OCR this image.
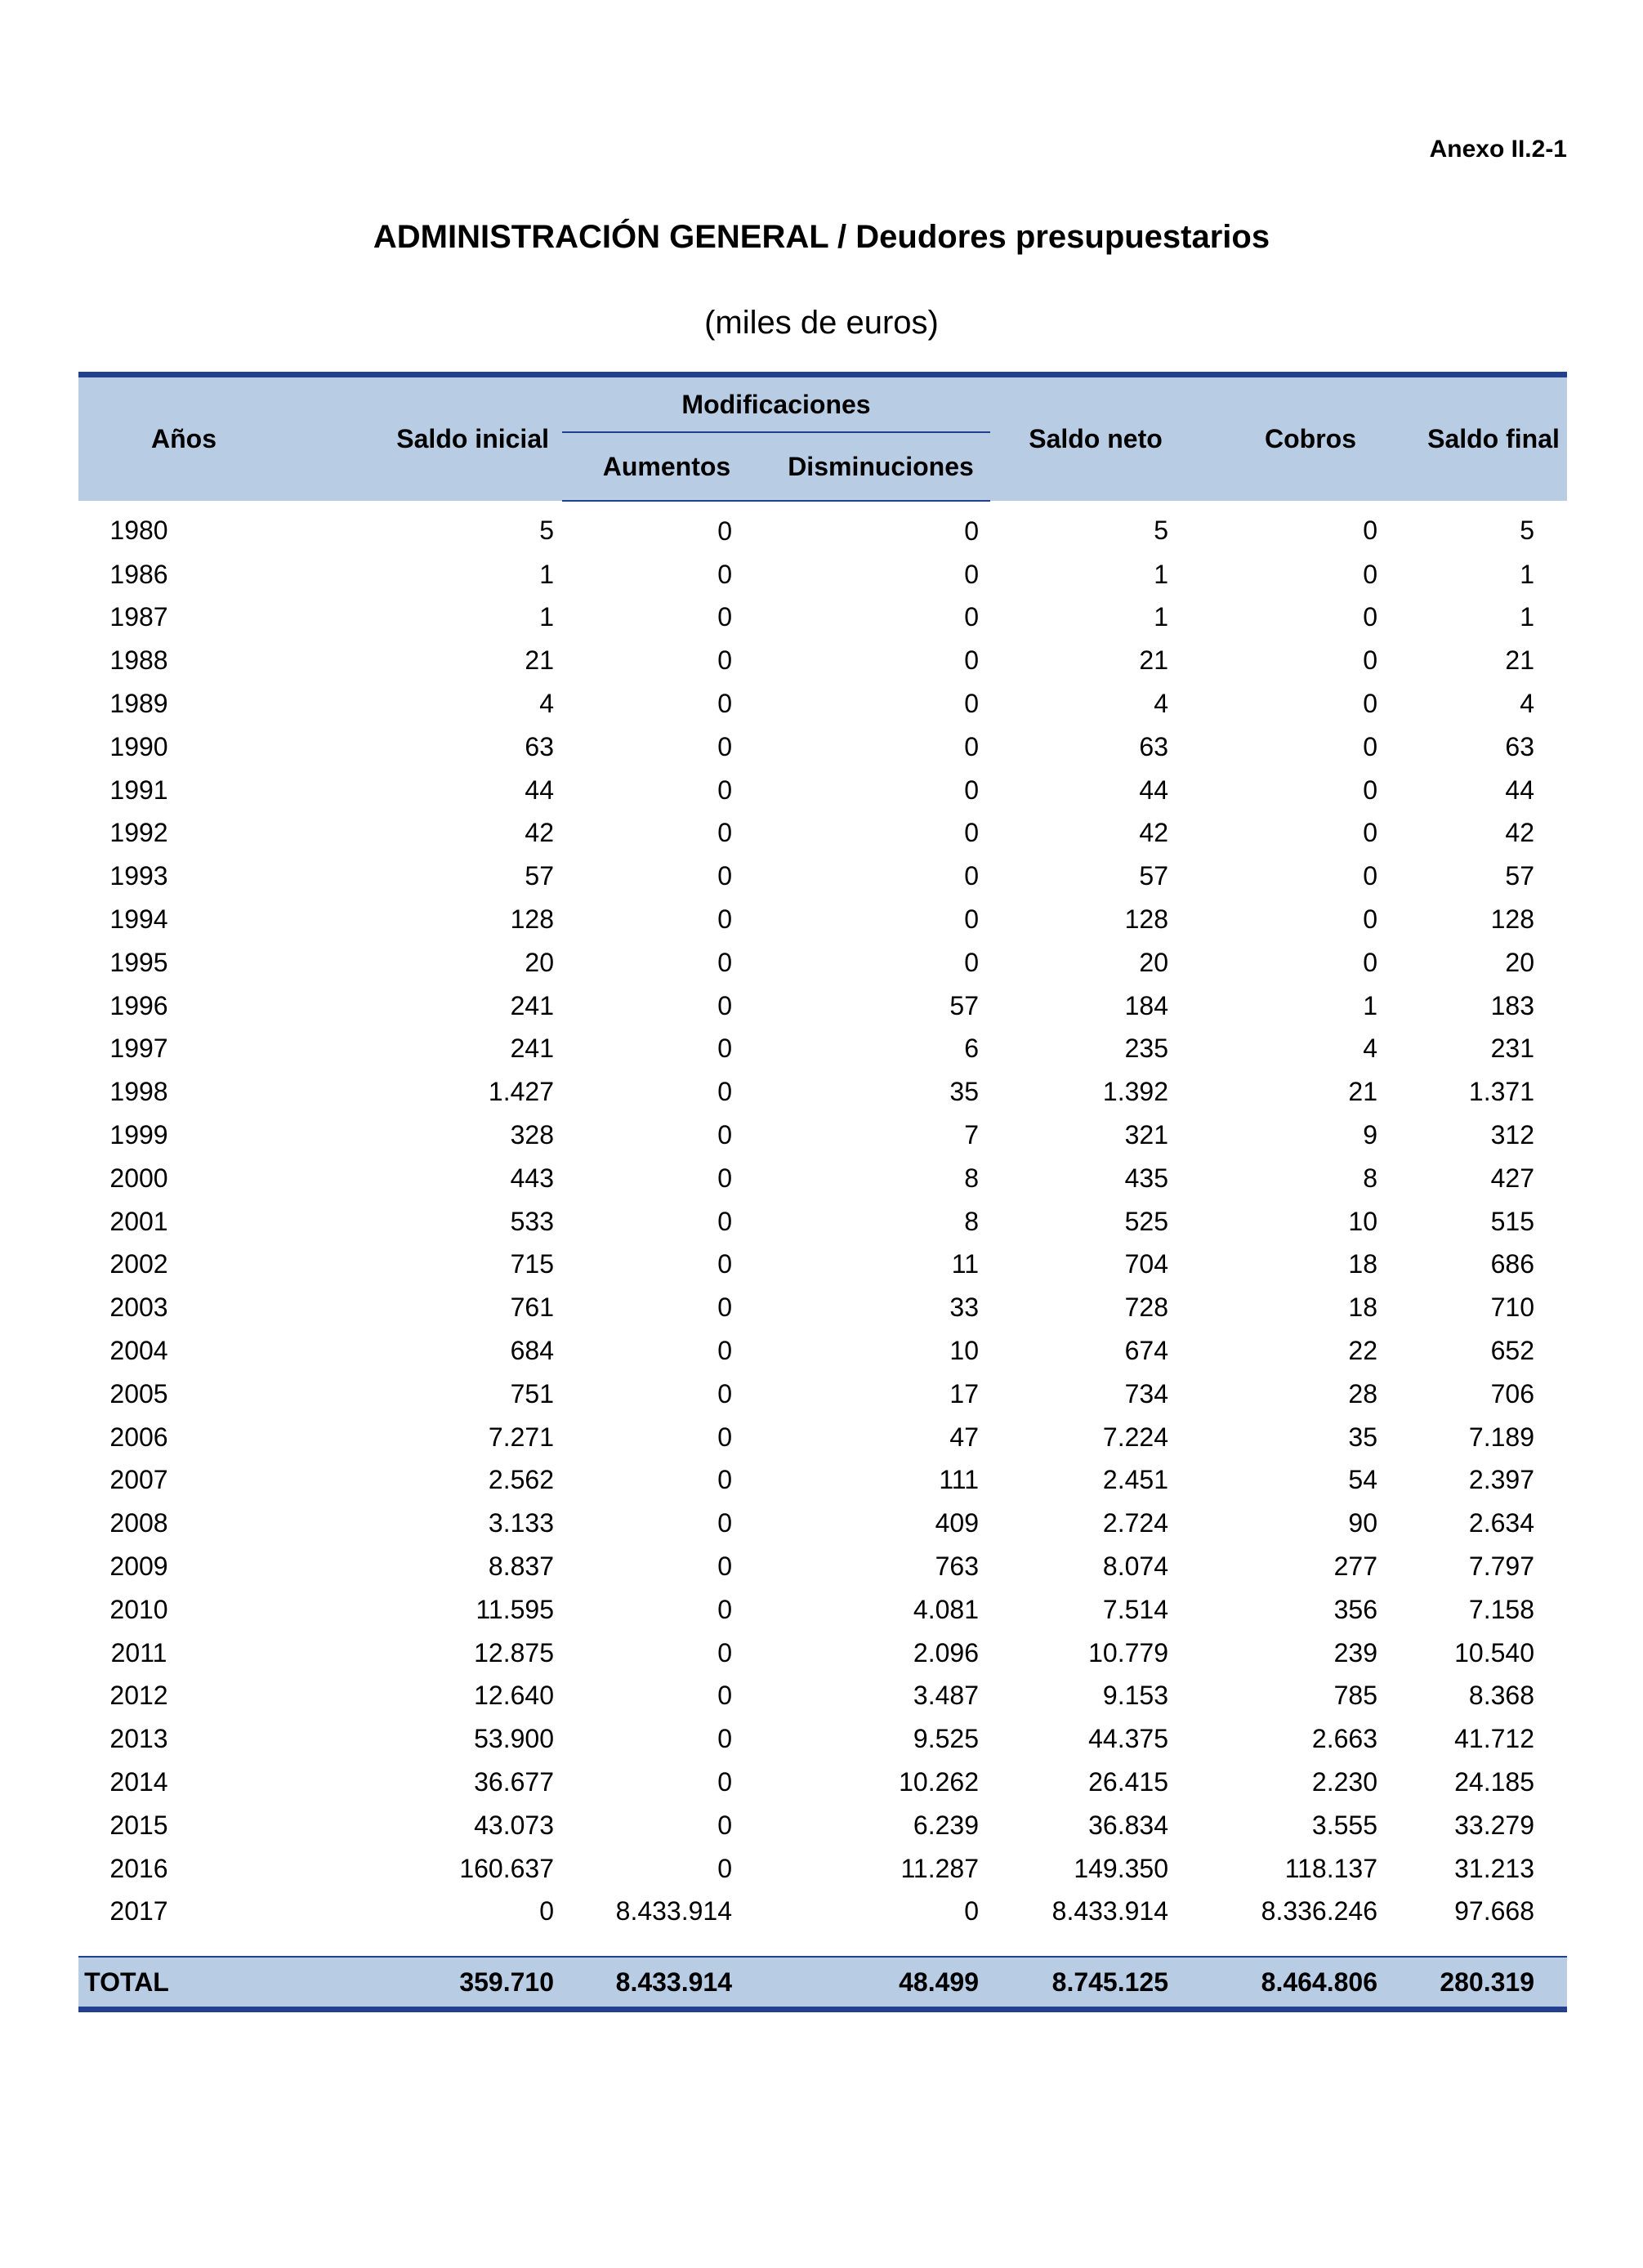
Anexo II.2-1
ADMINISTRACIÓN GENERAL / Deudores presupuestarios
(miles de euros)
Años	Saldo inicial	Modificaciones		Saldo neto	Cobros	Saldo final
		Aumentos	Disminuciones			
1980	5	0	0	5	0	5
1986	1	0	0	1	0	1
1987	1	0	0	1	0	1
1988	21	0	0	21	0	21
1989	4	0	0	4	0	4
1990	63	0	0	63	0	63
1991	44	0	0	44	0	44
1992	42	0	0	42	0	42
1993	57	0	0	57	0	57
1994	128	0	0	128	0	128
1995	20	0	0	20	0	20
1996	241	0	57	184	1	183
1997	241	0	6	235	4	231
1998	1.427	0	35	1.392	21	1.371
1999	328	0	7	321	9	312
2000	443	0	8	435	8	427
2001	533	0	8	525	10	515
2002	715	0	11	704	18	686
2003	761	0	33	728	18	710
2004	684	0	10	674	22	652
2005	751	0	17	734	28	706
2006	7.271	0	47	7.224	35	7.189
2007	2.562	0	111	2.451	54	2.397
2008	3.133	0	409	2.724	90	2.634
2009	8.837	0	763	8.074	277	7.797
2010	11.595	0	4.081	7.514	356	7.158
2011	12.875	0	2.096	10.779	239	10.540
2012	12.640	0	3.487	9.153	785	8.368
2013	53.900	0	9.525	44.375	2.663	41.712
2014	36.677	0	10.262	26.415	2.230	24.185
2015	43.073	0	6.239	36.834	3.555	33.279
2016	160.637	0	11.287	149.350	118.137	31.213
2017	0	8.433.914	0	8.433.914	8.336.246	97.668

TOTAL	359.710	8.433.914	48.499	8.745.125	8.464.806	280.319
